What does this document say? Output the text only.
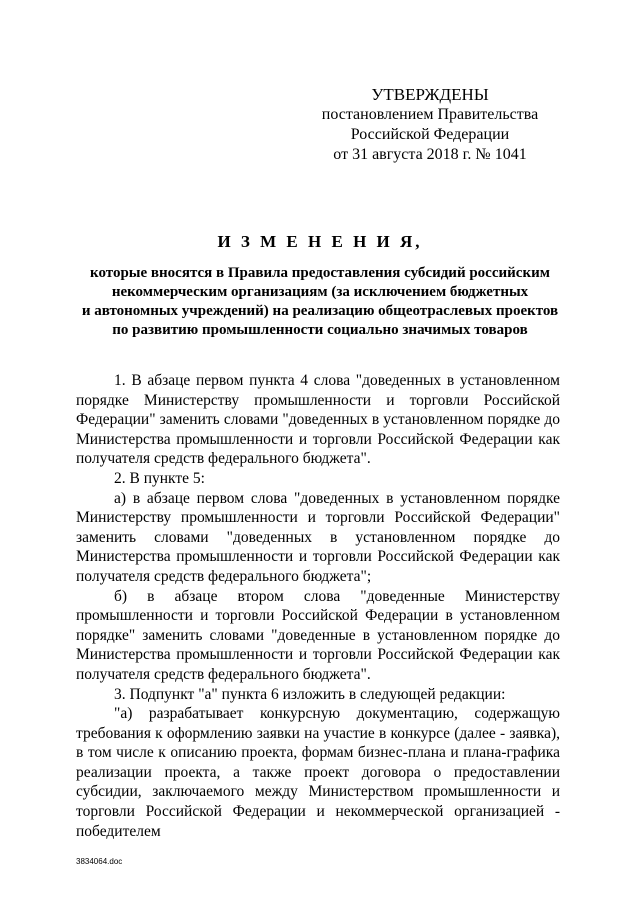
УТВЕРЖДЕНЫ
постановлением Правительства
Российской Федерации
от 31 августа 2018 г. № 1041
И З М Е Н Е Н И Я,
которые вносятся в Правила предоставления субсидий российским
некоммерческим организациям (за исключением бюджетных
и автономных учреждений) на реализацию общеотраслевых проектов
по развитию промышленности социально значимых товаров

1. В абзаце первом пункта 4 слова "доведенных в установленном порядке Министерству промышленности и торговли Российской Федерации" заменить словами "доведенных в установленном порядке до Министерства промышленности и торговли Российской Федерации как получателя средств федерального бюджета".

2. В пункте 5:

а) в абзаце первом слова "доведенных в установленном порядке Министерству промышленности и торговли Российской Федерации" заменить словами "доведенных в установленном порядке до Министерства промышленности и торговли Российской Федерации как получателя средств федерального бюджета";

б) в абзаце втором слова "доведенные Министерству промышленности и торговли Российской Федерации в установленном порядке" заменить словами "доведенные в установленном порядке до Министерства промышленности и торговли Российской Федерации как получателя средств федерального бюджета".

3. Подпункт "а" пункта 6 изложить в следующей редакции:

"а) разрабатывает конкурсную документацию, содержащую требования к оформлению заявки на участие в конкурсе (далее - заявка), в том числе к описанию проекта, формам бизнес-плана и плана-графика реализации проекта, а также проект договора о предоставлении субсидии, заключаемого между Министерством промышленности и торговли Российской Федерации и некоммерческой организацией - победителем

3834064.doc
